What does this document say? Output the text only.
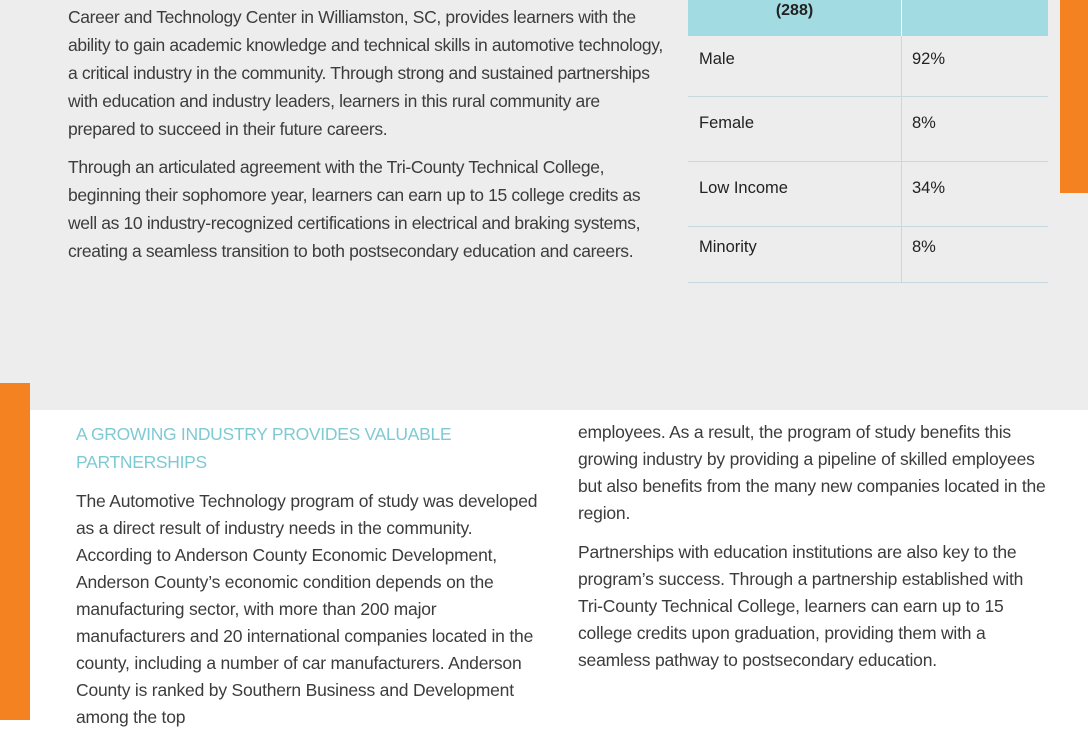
Career and Technology Center in Williamston, SC, provides learners with the ability to gain academic knowledge and technical skills in automotive technology, a critical industry in the community. Through strong and sustained partnerships with education and industry leaders, learners in this rural community are prepared to succeed in their future careers.

Through an articulated agreement with the Tri-County Technical College, beginning their sophomore year, learners can earn up to 15 college credits as well as 10 industry-recognized certifications in electrical and braking systems, creating a seamless transition to both postsecondary education and careers.

(288)
Male	92%
Female	8%
Low Income	34%
Minority	8%
A GROWING INDUSTRY PROVIDES VALUABLE PARTNERSHIPS

The Automotive Technology program of study was developed as a direct result of industry needs in the community. According to Anderson County Economic Development, Anderson County’s economic condition depends on the manufacturing sector, with more than 200 major manufacturers and 20 international companies located in the county, including a number of car manufacturers. Anderson County is ranked by Southern Business and Development among the top

employees. As a result, the program of study benefits this growing industry by providing a pipeline of skilled employees but also benefits from the many new companies located in the region.

Partnerships with education institutions are also key to the program’s success. Through a partnership established with Tri-County Technical College, learners can earn up to 15 college credits upon graduation, providing them with a seamless pathway to postsecondary education.
